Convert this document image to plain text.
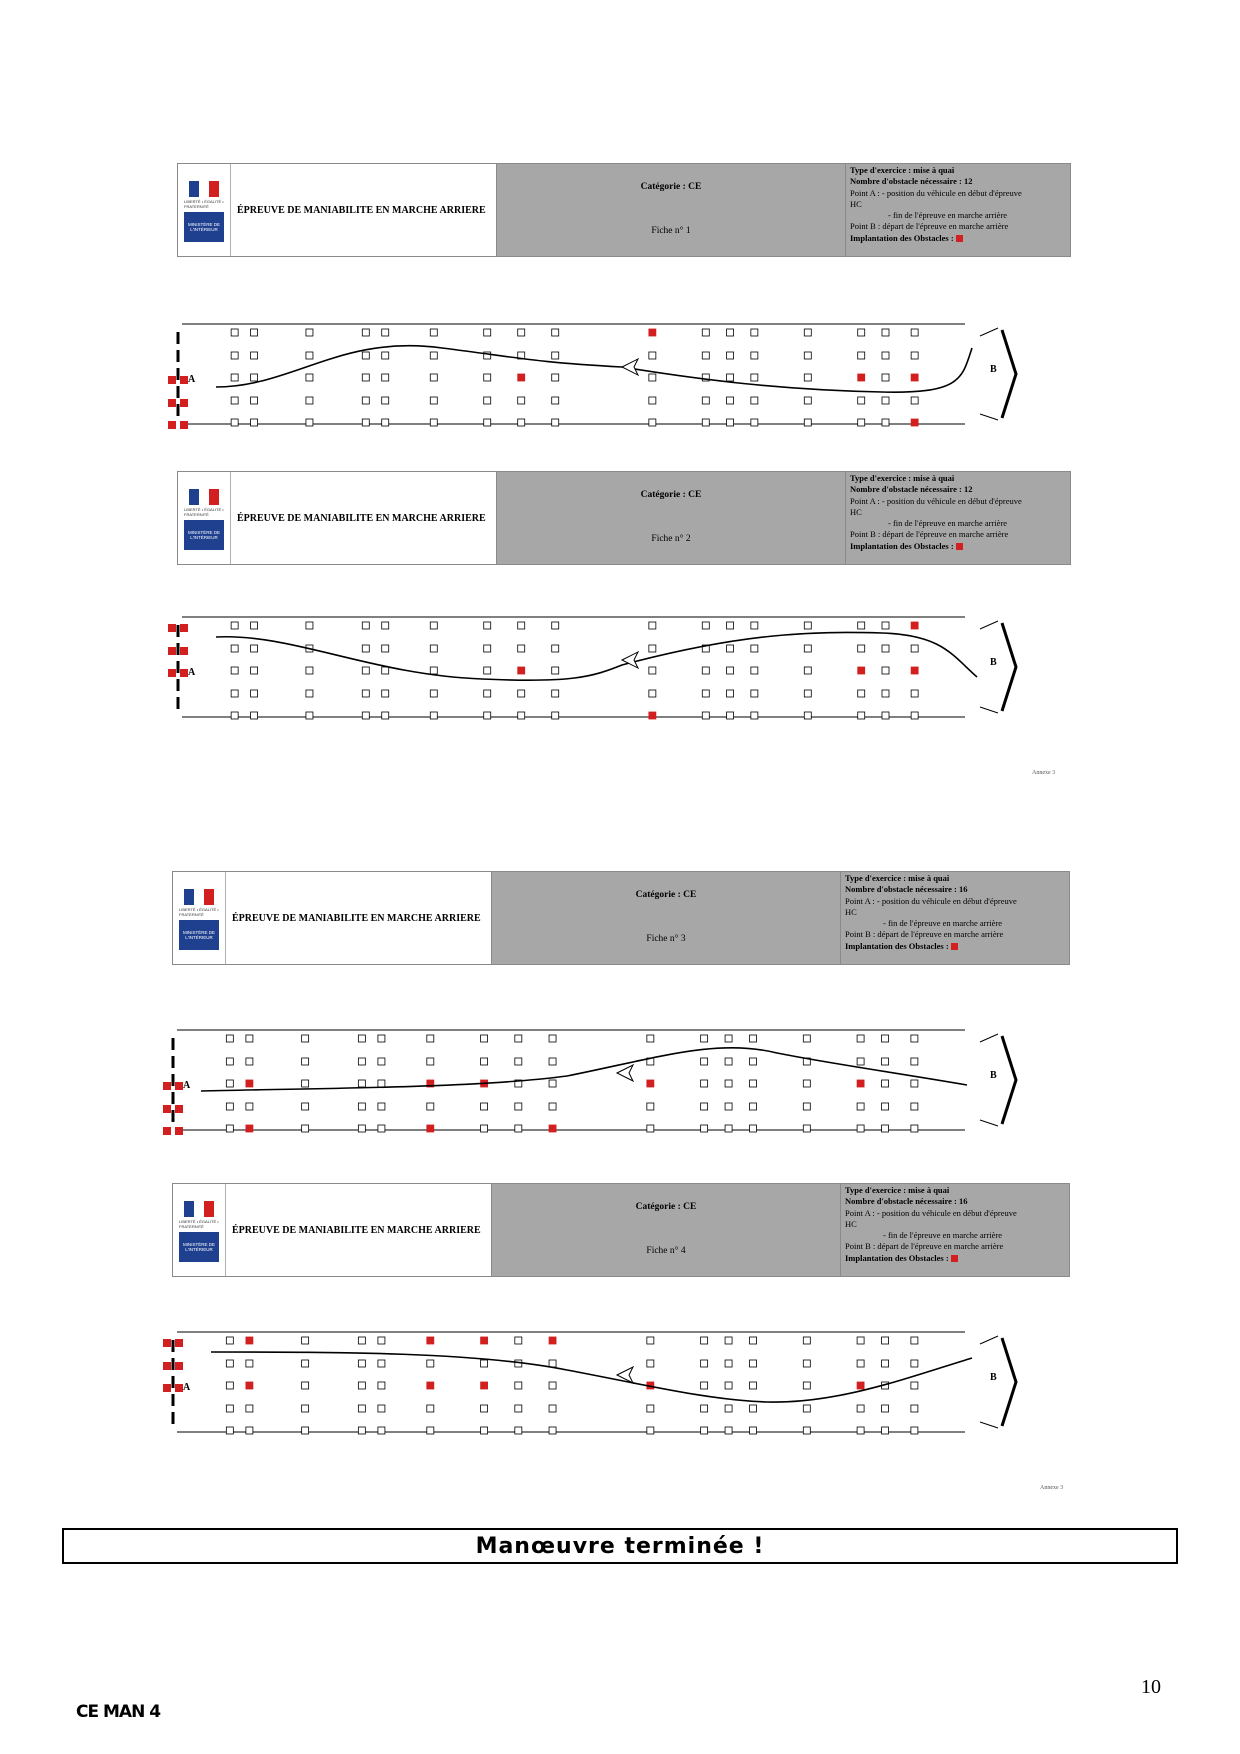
LIBERTÉ • ÉGALITÉ • FRATERNITÉ
MINISTÈRE DE L'INTÉRIEUR
ÉPREUVE DE MANIABILITE EN MARCHE ARRIERE
Catégorie : CE
Fiche n° 1
Type d'exercice : mise à quai
Nombre d'obstacle nécessaire : 12
Point A : - position du véhicule en début d'épreuve
HC
- fin de l'épreuve en marche arrière
Point B : départ de l'épreuve en marche arrière
Implantation des Obstacles :
A
B
LIBERTÉ • ÉGALITÉ • FRATERNITÉ
MINISTÈRE DE L'INTÉRIEUR
ÉPREUVE DE MANIABILITE EN MARCHE ARRIERE
Catégorie : CE
Fiche n° 2
Type d'exercice : mise à quai
Nombre d'obstacle nécessaire : 12
Point A : - position du véhicule en début d'épreuve
HC
- fin de l'épreuve en marche arrière
Point B : départ de l'épreuve en marche arrière
Implantation des Obstacles :
A
B
Annexe 3
LIBERTÉ • ÉGALITÉ • FRATERNITÉ
MINISTÈRE DE L'INTÉRIEUR
ÉPREUVE DE MANIABILITE EN MARCHE ARRIERE
Catégorie : CE
Fiche n° 3
Type d'exercice : mise à quai
Nombre d'obstacle nécessaire : 16
Point A : - position du véhicule en début d'épreuve
HC
- fin de l'épreuve en marche arrière
Point B : départ de l'épreuve en marche arrière
Implantation des Obstacles :
A
B
LIBERTÉ • ÉGALITÉ • FRATERNITÉ
MINISTÈRE DE L'INTÉRIEUR
ÉPREUVE DE MANIABILITE EN MARCHE ARRIERE
Catégorie : CE
Fiche n° 4
Type d'exercice : mise à quai
Nombre d'obstacle nécessaire : 16
Point A : - position du véhicule en début d'épreuve
HC
- fin de l'épreuve en marche arrière
Point B : départ de l'épreuve en marche arrière
Implantation des Obstacles :
A
B
Annexe 3
Manœuvre terminée !
10
CE MAN 4
